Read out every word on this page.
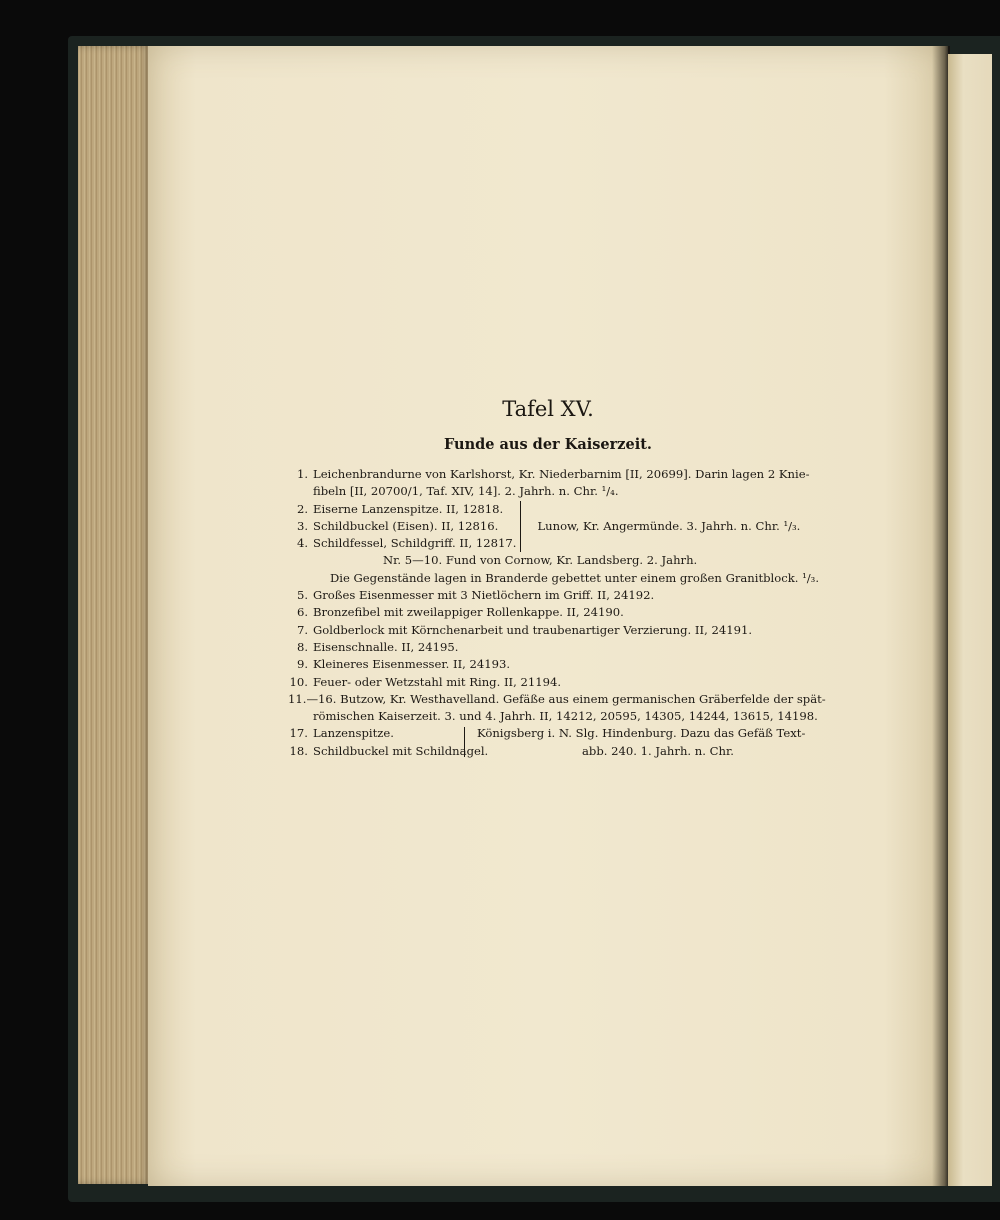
Tafel XV.
Funde aus der Kaiserzeit.
1. Leichenbrandurne von Karlshorst, Kr. Niederbarnim [II, 20699]. Darin lagen 2 Knie-
fibeln [II, 20700/1, Taf. XIV, 14]. 2. Jahrh. n. Chr. ¹/₄.
2. Eiserne Lanzenspitze. II, 12818.
3. Schildbuckel (Eisen). II, 12816.
4. Schildfessel, Schildgriff. II, 12817.
Lunow, Kr. Angermünde. 3. Jahrh. n. Chr. ¹/₃.
Nr. 5—10. Fund von Cornow, Kr. Landsberg. 2. Jahrh.
Die Gegenstände lagen in Branderde gebettet unter einem großen Granitblock. ¹/₃.
5. Großes Eisenmesser mit 3 Nietlöchern im Griff. II, 24192.
6. Bronzefibel mit zweilappiger Rollenkappe. II, 24190.
7. Goldberlock mit Körnchenarbeit und traubenartiger Verzierung. II, 24191.
8. Eisenschnalle. II, 24195.
9. Kleineres Eisenmesser. II, 24193.
10. Feuer- oder Wetzstahl mit Ring. II, 21194.
11.—16. Butzow, Kr. Westhavelland. Gefäße aus einem germanischen Gräberfelde der spät-
römischen Kaiserzeit. 3. und 4. Jahrh. II, 14212, 20595, 14305, 14244, 13615, 14198.
17. Lanzenspitze.
18. Schildbuckel mit Schildnagel.
Königsberg i. N. Slg. Hindenburg. Dazu das Gefäß Text-
abb. 240. 1. Jahrh. n. Chr.
